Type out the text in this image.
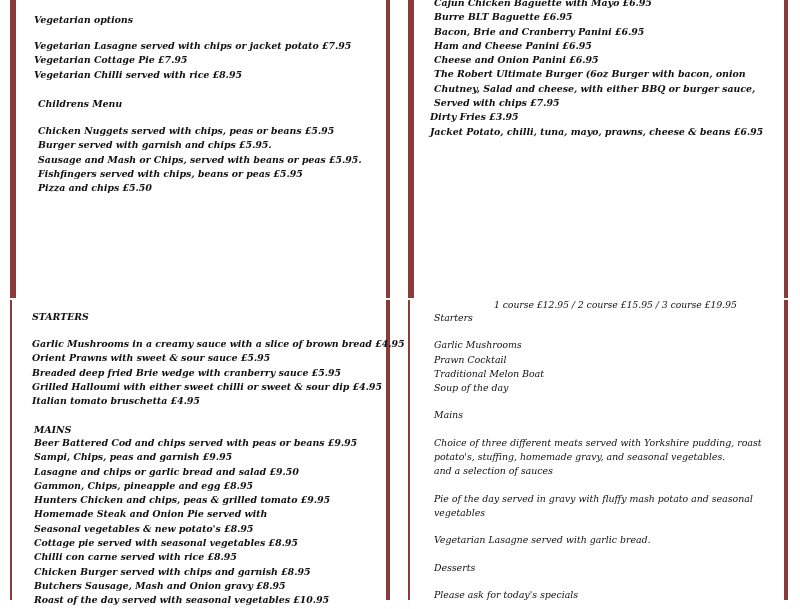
Vegetarian options
Vegetarian Lasagne served with chips or jacket potato £7.95
Vegetarian Cottage Pie £7.95
Vegetarian Chilli served with rice £8.95
Childrens Menu
Chicken Nuggets served with chips, peas or beans £5.95
Burger served with garnish and chips £5.95.
Sausage and Mash or Chips, served with beans or peas £5.95.
Fishfingers served with chips, beans or peas £5.95
Pizza and chips £5.50
Cajun Chicken Baguette with Mayo £6.95
Burre BLT Baguette £6.95
Bacon, Brie and Cranberry Panini £6.95
Ham and Cheese Panini £6.95
Cheese and Onion Panini £6.95
The Robert Ultimate Burger (6oz Burger with bacon, onion
Chutney, Salad and cheese, with either BBQ or burger sauce,
Served with chips £7.95
Dirty Fries £3.95
Jacket Potato, chilli, tuna, mayo, prawns, cheese & beans £6.95
STARTERS
Garlic Mushrooms in a creamy sauce with a slice of brown bread £4.95
Orient Prawns with sweet & sour sauce £5.95
Breaded deep fried Brie wedge with cranberry sauce £5.95
Grilled Halloumi with either sweet chilli or sweet & sour dip £4.95
Italian tomato bruschetta £4.95
MAINS
Beer Battered Cod and chips served with peas or beans £9.95
Sampi, Chips, peas and garnish £9.95
Lasagne and chips or garlic bread and salad £9.50
Gammon, Chips, pineapple and egg £8.95
Hunters Chicken and chips, peas & grilled tomato £9.95
Homemade Steak and Onion Pie served with
Seasonal vegetables & new potato's £8.95
Cottage pie served with seasonal vegetables £8.95
Chilli con carne served with rice £8.95
Chicken Burger served with chips and garnish £8.95
Butchers Sausage, Mash and Onion gravy £8.95
Roast of the day served with seasonal vegetables £10.95
1 course £12.95 / 2 course £15.95 / 3 course £19.95
Starters
Garlic Mushrooms
Prawn Cocktail
Traditional Melon Boat
Soup of the day
Mains
Choice of three different meats served with Yorkshire pudding, roast
potato's, stuffing, homemade gravy, and seasonal vegetables.
and a selection of sauces
Pie of the day served in gravy with fluffy mash potato and seasonal
vegetables
Vegetarian Lasagne served with garlic bread.
Desserts
Please ask for today's specials
